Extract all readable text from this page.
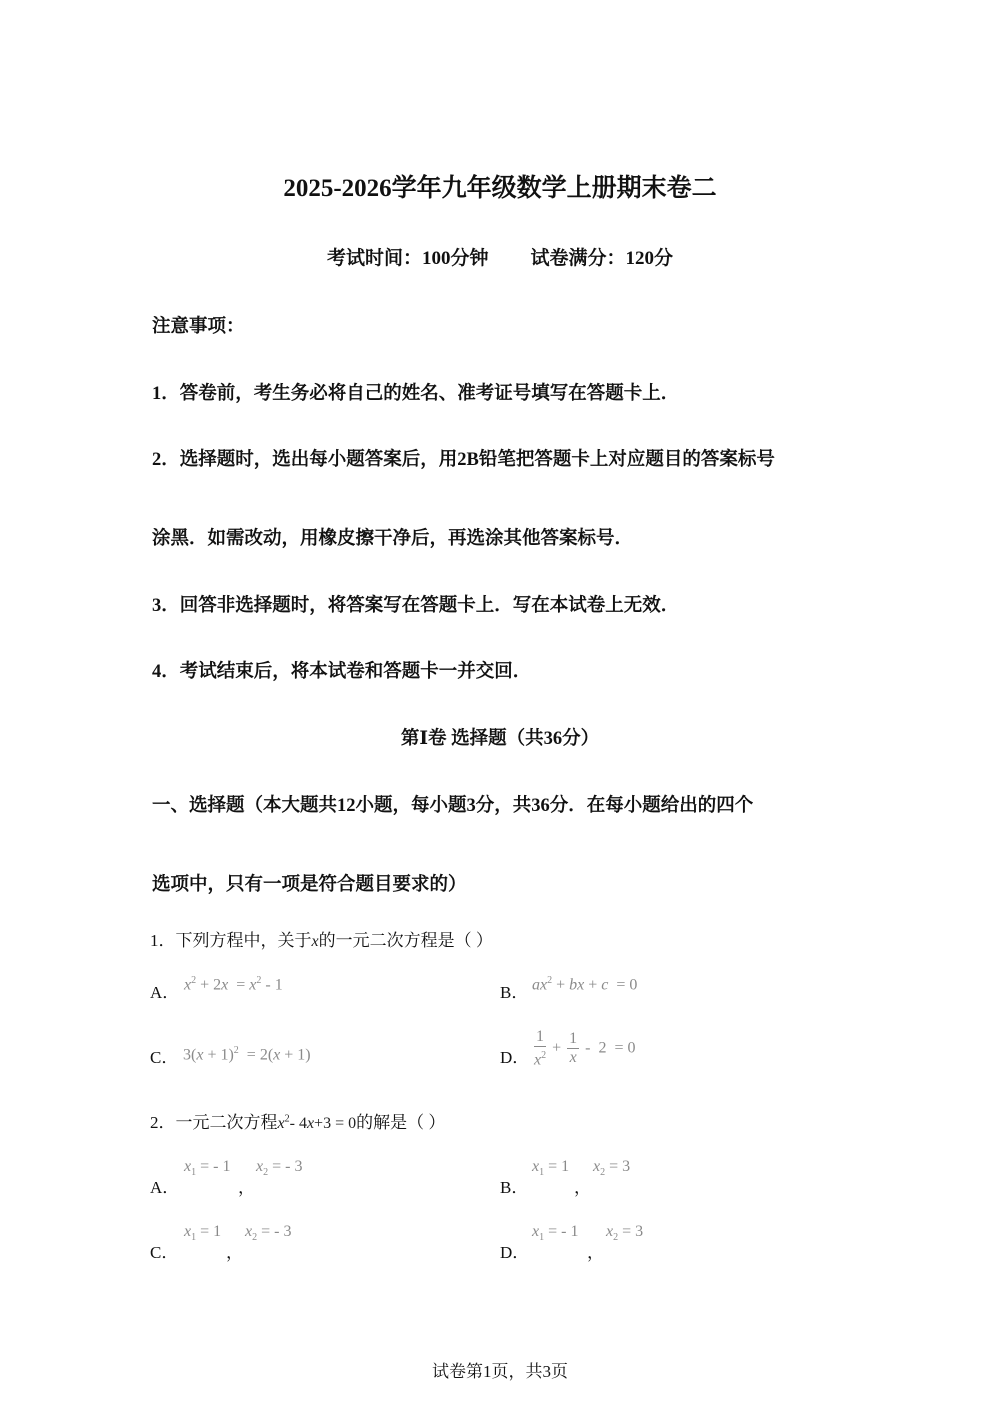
2025-2026学年九年级数学上册期末卷二
考试时间：100分钟 试卷满分：120分
注意事项：
1．答卷前，考生务必将自己的姓名、准考证号填写在答题卡上．
2．选择题时，选出每小题答案后，用2B铅笔把答题卡上对应题目的答案标号
涂黑．如需改动，用橡皮擦干净后，再选涂其他答案标号．
3．回答非选择题时，将答案写在答题卡上．写在本试卷上无效．
4．考试结束后，将本试卷和答题卡一并交回．
第Ⅰ卷 选择题（共36分）
一、选择题（本大题共12小题，每小题3分，共36分．在每小题给出的四个
选项中，只有一项是符合题目要求的）
1．下列方程中，关于x的一元二次方程是（ ）
A． $x^2 + 2x = x^2 - 1$	B． $ax^2$ + bx + c  = 0
C． $3(x + 1)^2 = 2(x + 1)$	D． $\frac{1}{x^2} + \frac{1}{x} - 2 = 0$
2．一元二次方程$x^2-$ 4x+3 = 0的解是（ ）
A．
$x_1$ = - 1
，
$x_2$ = - 3
B．
$x_1 = 1$
，
$x_2 = 3$
C．
$x_1 = 1$
，
$x_2$ = - 3
D．
$x_1$ = - 1
，
$x_2 = 3$
试卷第1页，共3页
